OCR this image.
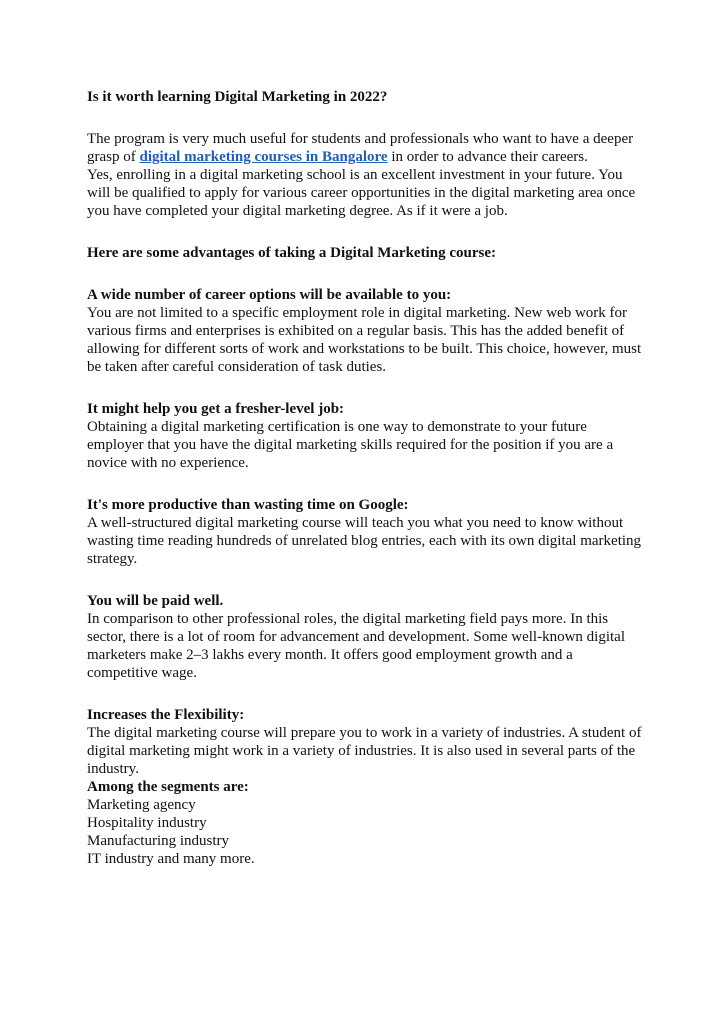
Is it worth learning Digital Marketing in 2022?

The program is very much useful for students and professionals who want to have a deeper grasp of digital marketing courses in Bangalore in order to advance their careers.

Yes, enrolling in a digital marketing school is an excellent investment in your future. You will be qualified to apply for various career opportunities in the digital marketing area once you have completed your digital marketing degree. As if it were a job.

Here are some advantages of taking a Digital Marketing course:

A wide number of career options will be available to you:

You are not limited to a specific employment role in digital marketing. New web work for various firms and enterprises is exhibited on a regular basis. This has the added benefit of allowing for different sorts of work and workstations to be built. This choice, however, must be taken after careful consideration of task duties.

It might help you get a fresher-level job:

Obtaining a digital marketing certification is one way to demonstrate to your future employer that you have the digital marketing skills required for the position if you are a novice with no experience.

It's more productive than wasting time on Google:

A well-structured digital marketing course will teach you what you need to know without wasting time reading hundreds of unrelated blog entries, each with its own digital marketing strategy.

You will be paid well.

In comparison to other professional roles, the digital marketing field pays more. In this sector, there is a lot of room for advancement and development. Some well-known digital marketers make 2–3 lakhs every month. It offers good employment growth and a competitive wage.

Increases the Flexibility:

The digital marketing course will prepare you to work in a variety of industries. A student of digital marketing might work in a variety of industries. It is also used in several parts of the industry.

Among the segments are:

Marketing agency
Hospitality industry
Manufacturing industry
IT industry and many more.
